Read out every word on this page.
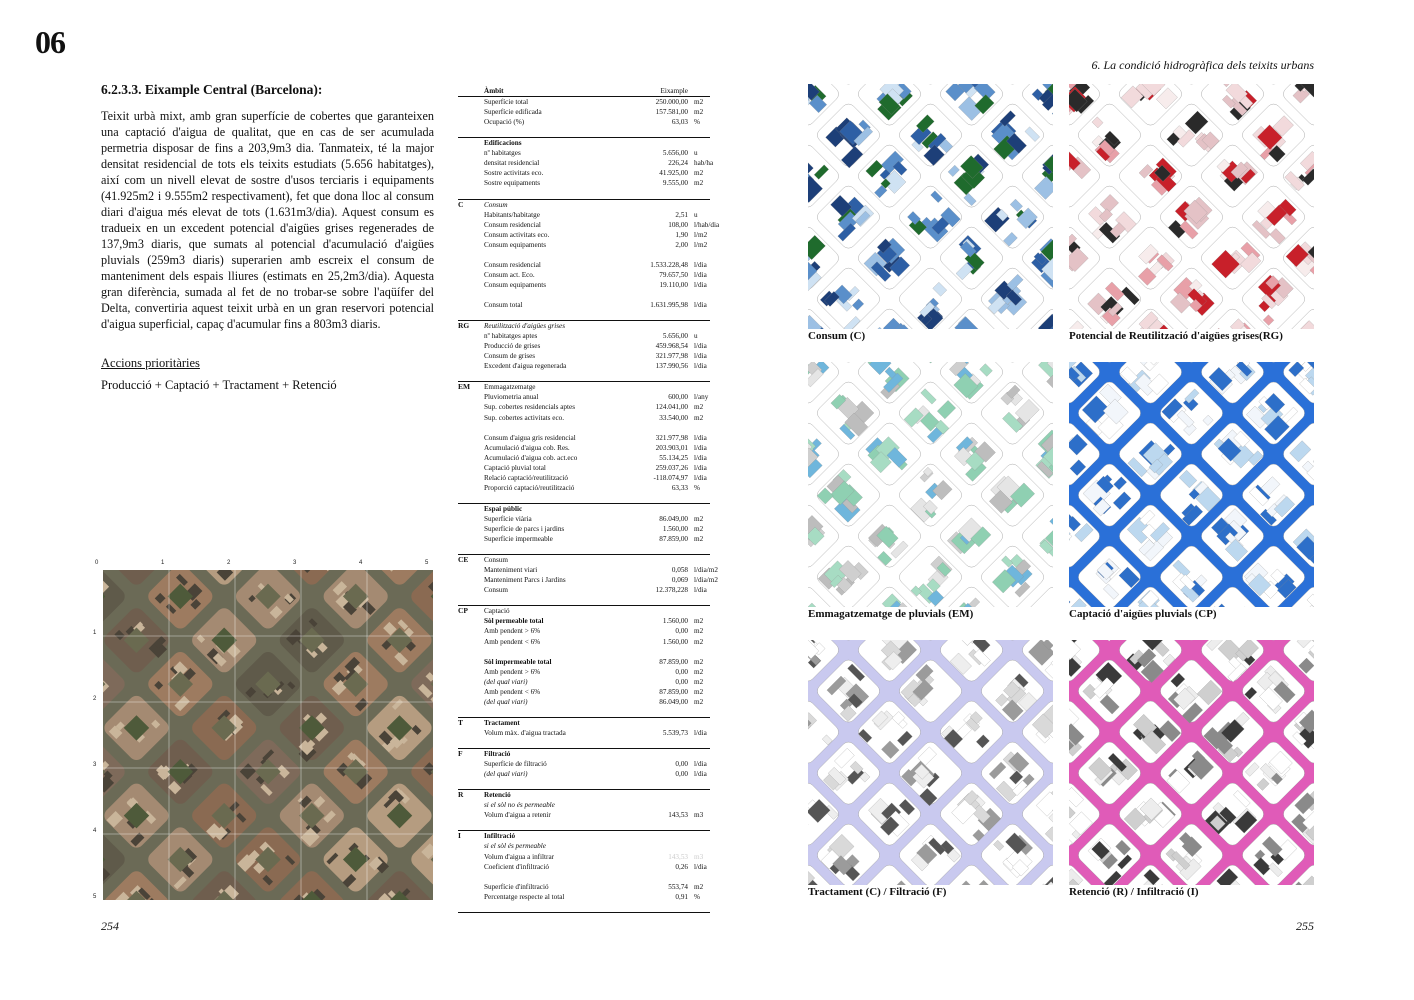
06
6. La condició hidrogràfica dels teixits urbans
6.2.3.3. Eixample Central (Barcelona):

Teixit urbà mixt, amb gran superfície de cobertes que garanteixen una captació d'aigua de qualitat, que en cas de ser acumulada permetria disposar de fins a 203,9m3 dia. Tanmateix, té la major densitat residencial de tots els teixits estudiats (5.656 habitatges), així com un nivell elevat de sostre d'usos terciaris i equipaments (41.925m2 i 9.555m2 respectivament), fet que dona lloc al consum diari d'aigua més elevat de tots (1.631m3/dia). Aquest consum es tradueix en un excedent potencial d'aigües grises regenerades de 137,9m3 diaris, que sumats al potencial d'acumulació d'aigües pluvials (259m3 diaris) superarien amb escreix el consum de manteniment dels espais lliures (estimats en 25,2m3/dia). Aquesta gran diferència, sumada al fet de no trobar-se sobre l'aqüífer del Delta, convertiria aquest teixit urbà en un gran reservori potencial d'aigua superficial, capaç d'acumular fins a 803m3 diaris.

Accions prioritàries
Producció + Captació + Tractament + Retenció
0	1	2	3	4	5
1
2
3
4
5
Àmbit	Eixample
Superfície total	250.000,00 m2
Superfície edificada	157.581,00 m2
Ocupació (%)	63,03 %
Edificacions
nº habitatges	5.656,00 u
densitat residencial	226,24 hab/ha
Sostre activitats eco.	41.925,00 m2
Sostre equipaments	9.555,00 m2
C	Consum
Habitants/habitatge	2,51 u
Consum residencial	108,00 l/hab/dia
Consum activitats eco.	1,90 l/m2
Consum equipaments	2,00 l/m2
Consum residencial	1.533.228,48 l/dia
Consum act. Eco.	79.657,50 l/dia
Consum equipaments	19.110,00 l/dia
Consum total	1.631.995,98 l/dia
RG	Reutilització d'aigües grises
nº habitatges aptes	5.656,00 u
Producció de grises	459.968,54 l/dia
Consum de grises	321.977,98 l/dia
Excedent d'aigua regenerada	137.990,56 l/dia
EM	Emmagatzematge
Pluviometria anual	600,00 l/any
Sup. cobertes residencials aptes	124.041,00 m2
Sup. cobertes activitats eco.	33.540,00 m2
Consum d'aigua gris residencial	321.977,98 l/dia
Acumulació d'aigua cob. Res.	203.903,01 l/dia
Acumulació d'aigua cob. act.eco	55.134,25 l/dia
Captació pluvial total	259.037,26 l/dia
Relació captació/reutilització	-118.074,97 l/dia
Proporció captació/reutilització	63,33 %
Espai públic
Superfície viària	86.049,00 m2
Superfície de parcs i jardins	1.560,00 m2
Superfície impermeable	87.859,00 m2
CE	Consum
Manteniment viari	0,058 l/dia/m2
Manteniment Parcs i Jardins	0,069 l/dia/m2
Consum	12.378,228 l/dia
CP	Captació
Sòl permeable total	1.560,00 m2
Amb pendent > 6%	0,00 m2
Amb pendent < 6%	1.560,00 m2
Sòl impermeable total	87.859,00 m2
Amb pendent > 6%	0,00 m2
(del qual viari)	0,00 m2
Amb pendent < 6%	87.859,00 m2
(del qual viari)	86.049,00 m2
T	Tractament
Volum màx. d'aigua tractada	5.539,73 l/dia
F	Filtració
Superfície de filtració	0,00 l/dia
(del qual viari)	0,00 l/dia
R	Retenció
si el sòl no és permeable
Volum d'aigua a retenir	143,53 m3
I	Infiltració
si el sòl és permeable
Volum d'aigua a infiltrar	143,53 m3
Coeficient d'infiltració	0,26 l/dia
Superfície d'infiltració	553,74 m2
Percentatge respecte al total	0,91 %
Consum (C)	Potencial de Reutilització d'aigües grises(RG)
Emmagatzematge de pluvials (EM)	Captació d'aigües pluvials (CP)
Tractament (C) / Filtració (F)	Retenció (R) / Infiltració (I)
254	255
